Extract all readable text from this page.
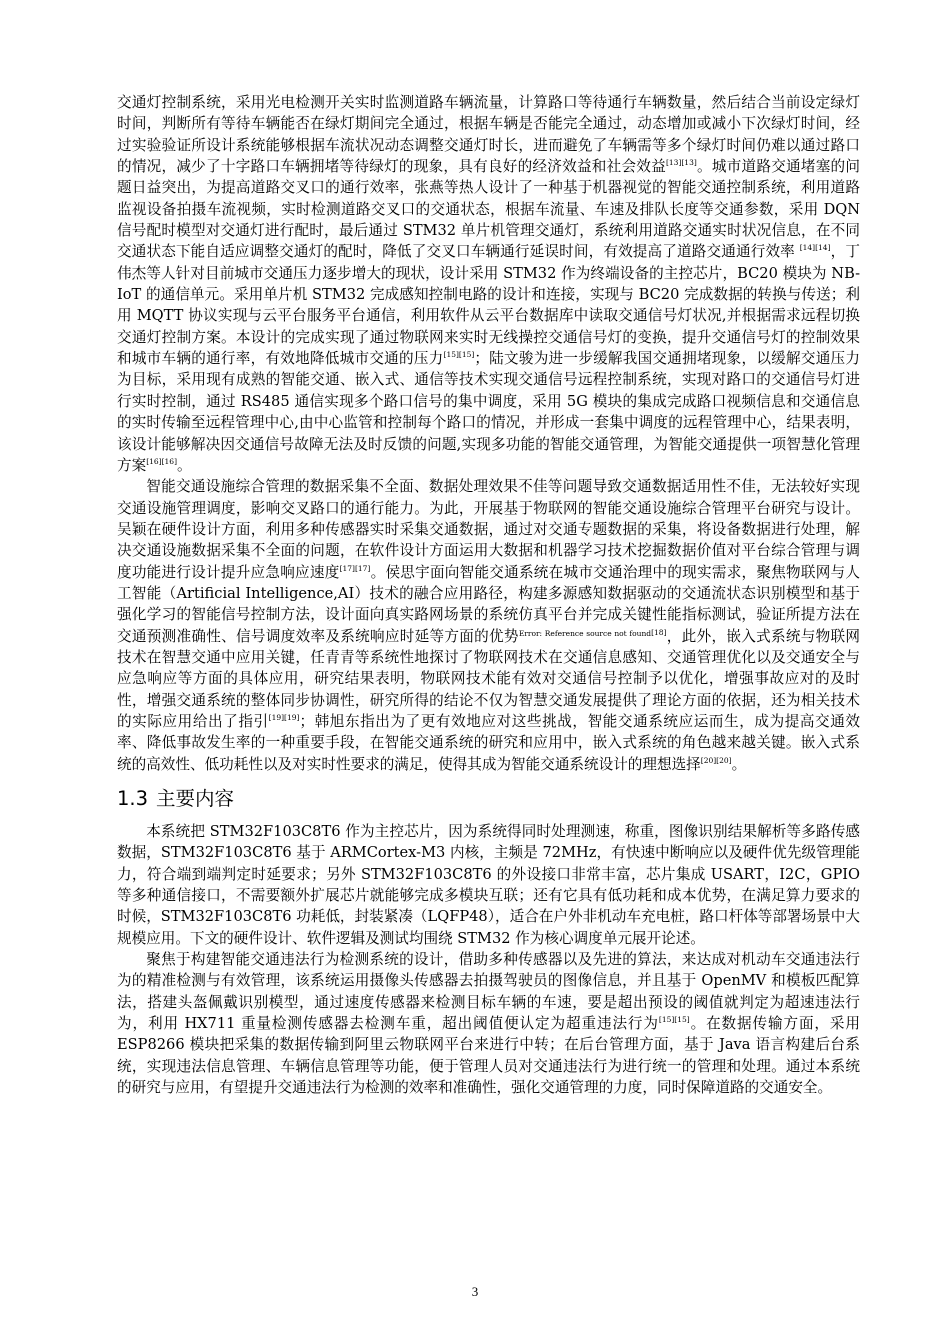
交通灯控制系统，采用光电检测开关实时监测道路车辆流量，计算路口等待通行车辆数量，然后结合当前设定绿灯时间，判断所有等待车辆能否在绿灯期间完全通过，根据车辆是否能完全通过，动态增加或减小下次绿灯时间，经过实验验证所设计系统能够根据车流状况动态调整交通灯时长，进而避免了车辆需等多个绿灯时间仍难以通过路口的情况，减少了十字路口车辆拥堵等待绿灯的现象，具有良好的经济效益和社会效益[13][13]。城市道路交通堵塞的问题日益突出，为提高道路交叉口的通行效率，张燕等热人设计了一种基于机器视觉的智能交通控制系统，利用道路监视设备拍摄车流视频，实时检测道路交叉口的交通状态，根据车流量、车速及排队长度等交通参数，采用 DQN 信号配时模型对交通灯进行配时，最后通过 STM32 单片机管理交通灯，系统利用道路交通实时状况信息，在不同交通状态下能自适应调整交通灯的配时，降低了交叉口车辆通行延误时间，有效提高了道路交通通行效率 [14][14]，丁伟杰等人针对目前城市交通压力逐步增大的现状，设计采用 STM32 作为终端设备的主控芯片，BC20 模块为 NB-IoT 的通信单元。采用单片机 STM32 完成感知控制电路的设计和连接，实现与 BC20 完成数据的转换与传送；利用 MQTT 协议实现与云平台服务平台通信，利用软件从云平台数据库中读取交通信号灯状况,并根据需求远程切换交通灯控制方案。本设计的完成实现了通过物联网来实时无线操控交通信号灯的变换，提升交通信号灯的控制效果和城市车辆的通行率，有效地降低城市交通的压力[15][15]；陆文骏为进一步缓解我国交通拥堵现象，以缓解交通压力为目标，采用现有成熟的智能交通、嵌入式、通信等技术实现交通信号远程控制系统，实现对路口的交通信号灯进行实时控制，通过 RS485 通信实现多个路口信号的集中调度，采用 5G 模块的集成完成路口视频信息和交通信息的实时传输至远程管理中心,由中心监管和控制每个路口的情况，并形成一套集中调度的远程管理中心，结果表明，该设计能够解决因交通信号故障无法及时反馈的问题,实现多功能的智能交通管理，为智能交通提供一项智慧化管理方案[16][16]。

智能交通设施综合管理的数据采集不全面、数据处理效果不佳等问题导致交通数据适用性不佳，无法较好实现交通设施管理调度，影响交叉路口的通行能力。为此，开展基于物联网的智能交通设施综合管理平台研究与设计。吴颖在硬件设计方面，利用多种传感器实时采集交通数据，通过对交通专题数据的采集，将设备数据进行处理，解决交通设施数据采集不全面的问题，在软件设计方面运用大数据和机器学习技术挖掘数据价值对平台综合管理与调度功能进行设计提升应急响应速度[17][17]。侯思宇面向智能交通系统在城市交通治理中的现实需求，聚焦物联网与人工智能（Artificial Intelligence,AI）技术的融合应用路径，构建多源感知数据驱动的交通流状态识别模型和基于强化学习的智能信号控制方法，设计面向真实路网场景的系统仿真平台并完成关键性能指标测试，验证所提方法在交通预测准确性、信号调度效率及系统响应时延等方面的优势$^{Error: Reference source not found[18]}$，此外，嵌入式系统与物联网技术在智慧交通中应用关键，任青青等系统性地探讨了物联网技术在交通信息感知、交通管理优化以及交通安全与应急响应等方面的具体应用，研究结果表明，物联网技术能有效对交通信号控制予以优化，增强事故应对的及时性，增强交通系统的整体同步协调性，研究所得的结论不仅为智慧交通发展提供了理论方面的依据，还为相关技术的实际应用给出了指引[19][19]；韩旭东指出为了更有效地应对这些挑战，智能交通系统应运而生，成为提高交通效率、降低事故发生率的一种重要手段，在智能交通系统的研究和应用中，嵌入式系统的角色越来越关键。嵌入式系统的高效性、低功耗性以及对实时性要求的满足，使得其成为智能交通系统设计的理想选择[20][20]。

1.3 主要内容

本系统把 STM32F103C8T6 作为主控芯片，因为系统得同时处理测速，称重，图像识别结果解析等多路传感数据，STM32F103C8T6 基于 ARMCortex-M3 内核，主频是 72MHz，有快速中断响应以及硬件优先级管理能力，符合端到端判定时延要求；另外 STM32F103C8T6 的外设接口非常丰富，芯片集成 USART，I2C，GPIO 等多种通信接口，不需要额外扩展芯片就能够完成多模块互联；还有它具有低功耗和成本优势，在满足算力要求的时候，STM32F103C8T6 功耗低，封装紧凑（LQFP48），适合在户外非机动车充电桩，路口杆体等部署场景中大规模应用。下文的硬件设计、软件逻辑及测试均围绕 STM32 作为核心调度单元展开论述。

聚焦于构建智能交通违法行为检测系统的设计，借助多种传感器以及先进的算法，来达成对机动车交通违法行为的精准检测与有效管理，该系统运用摄像头传感器去拍摄驾驶员的图像信息，并且基于 OpenMV 和模板匹配算法，搭建头盔佩戴识别模型，通过速度传感器来检测目标车辆的车速，要是超出预设的阈值就判定为超速违法行为，利用 HX711 重量检测传感器去检测车重，超出阈值便认定为超重违法行为[15][15]。在数据传输方面，采用 ESP8266 模块把采集的数据传输到阿里云物联网平台来进行中转；在后台管理方面，基于 Java 语言构建后台系统，实现违法信息管理、车辆信息管理等功能，便于管理人员对交通违法行为进行统一的管理和处理。通过本系统的研究与应用，有望提升交通违法行为检测的效率和准确性，强化交通管理的力度，同时保障道路的交通安全。

3
